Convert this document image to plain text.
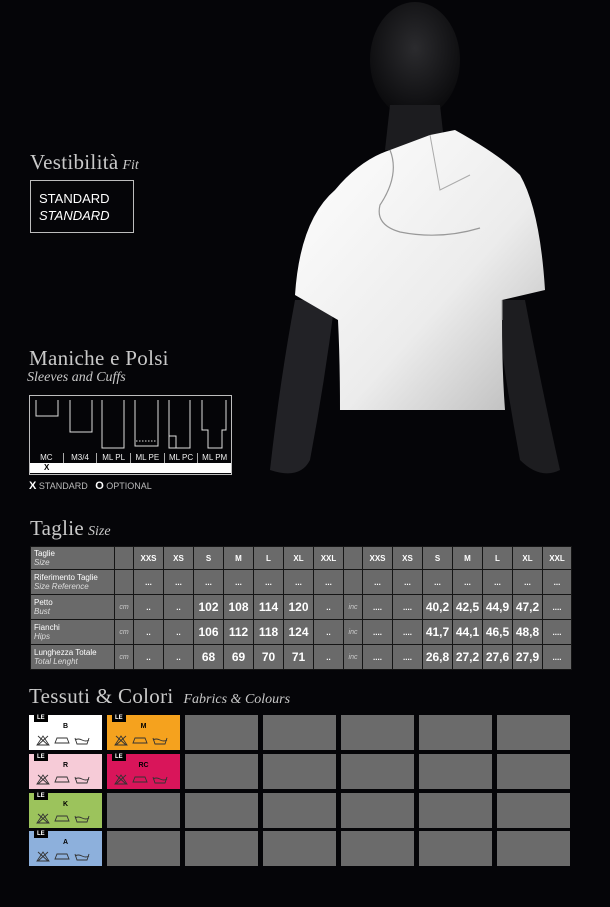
Vestibilità Fit
STANDARD
STANDARD
Maniche e Polsi
Sleeves and Cuffs
MC	M3/4	ML PL	ML PE	ML PC	ML PM
X
X STANDARD O OPTIONAL
Taglie Size
Taglie
Size		XXS	XS	S	M	L	XL	XXL		XXS	XS	S	M	L	XL	XXL
Riferimento Taglie
Size Reference		...	...	...	...	...	...	...		...	...	...	...	...	...	...
Petto
Bust	cm	..	..	102	108	114	120	..	inc	....	....	40,2	42,5	44,9	47,2	....
Fianchi
Hips	cm	..	..	106	112	118	124	..	inc	....	....	41,7	44,1	46,5	48,8	....
Lunghezza Totale
Total Lenght	cm	..	..	68	69	70	71	..	inc	....	....	26,8	27,2	27,6	27,9	....
Tessuti & Colori Fabrics & Colours
LE
B
LE
M
LE
R
LE
RC
LE
K
LE
A
